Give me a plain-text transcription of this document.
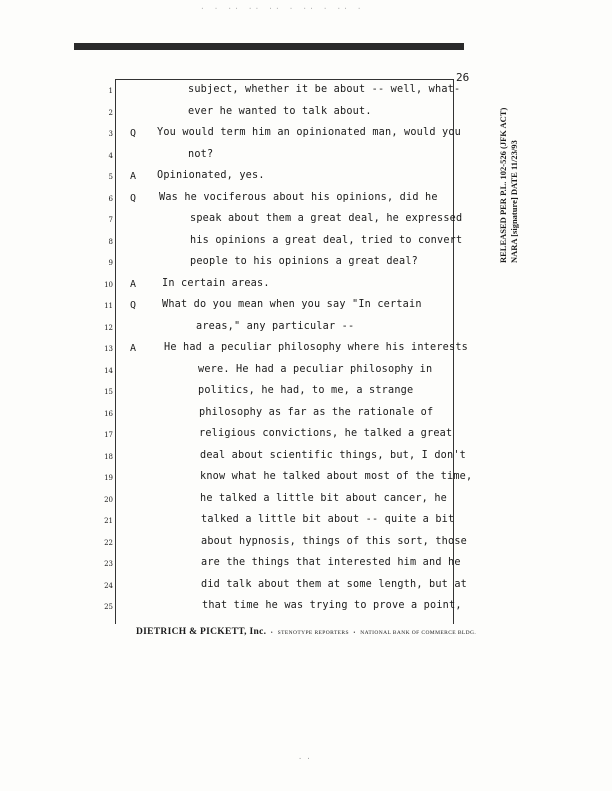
· · ·· ·· ·· · ·· · ·· ·
26
1	subject, whether it be about -- well, what-
2	ever he wanted to talk about.
3 Q You would term him an opinionated man, would you
4	not?
5 A Opinionated, yes.
6 Q Was he vociferous about his opinions, did he
7	speak about them a great deal, he expressed
8	his opinions a great deal, tried to convert
9	people to his opinions a great deal?
10 A	In certain areas.
11 Q	What do you mean when you say "In certain
12	areas," any particular --
13 A	He had a peculiar philosophy where his interests
14	were. He had a peculiar philosophy in
15	politics, he had, to me, a strange
16	philosophy as far as the rationale of
17	religious convictions, he talked a great
18	deal about scientific things, but, I don't
19	know what he talked about most of the time,
20	he talked a little bit about cancer, he
21	talked a little bit about -- quite a bit
22	about hypnosis, things of this sort, those
23	are the things that interested him and he
24	did talk about them at some length, but at
25	that time he was trying to prove a point,
DIETRICH & PICKETT, Inc. • STENOTYPE REPORTERS • NATIONAL BANK OF COMMERCE BLDG.
RELEASED PER P.L. 102-526 (JFK ACT) NARA [signature] DATE 11/23/93
· ·
